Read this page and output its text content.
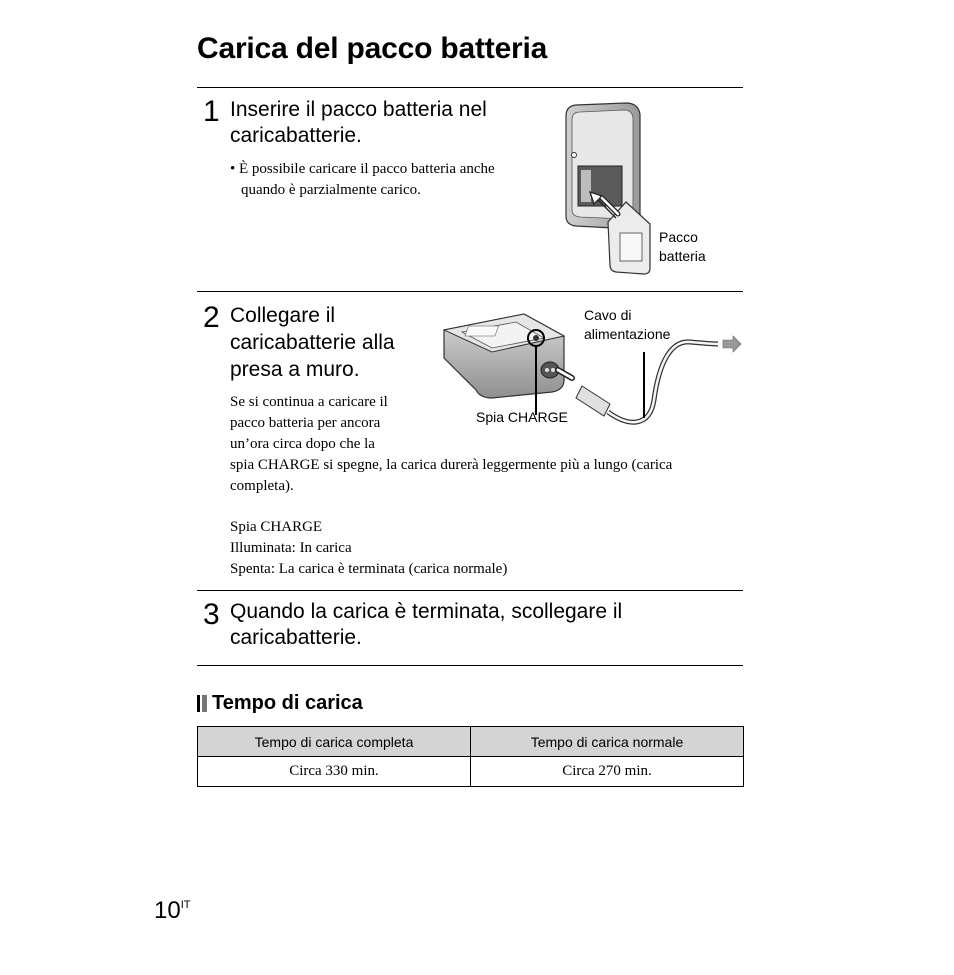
Carica del pacco batteria
1 Inserire il pacco batteria nel
caricabatterie.
• È possibile caricare il pacco batteria anche
quando è parzialmente carico.
Pacco
batteria
2 Collegare il
caricabatterie alla
presa a muro.
Se si continua a caricare il
pacco batteria per ancora
un’ora circa dopo che la
spia CHARGE si spegne, la carica durerà leggermente più a lungo (carica
completa).
Spia CHARGE
Illuminata: In carica
Spenta: La carica è terminata (carica normale)
Cavo di
alimentazione
Spia CHARGE
3 Quando la carica è terminata, scollegare il
caricabatterie.
Tempo di carica
Tempo di carica completa	Tempo di carica normale
Circa 330 min.	Circa 270 min.
$10^{IT}$
